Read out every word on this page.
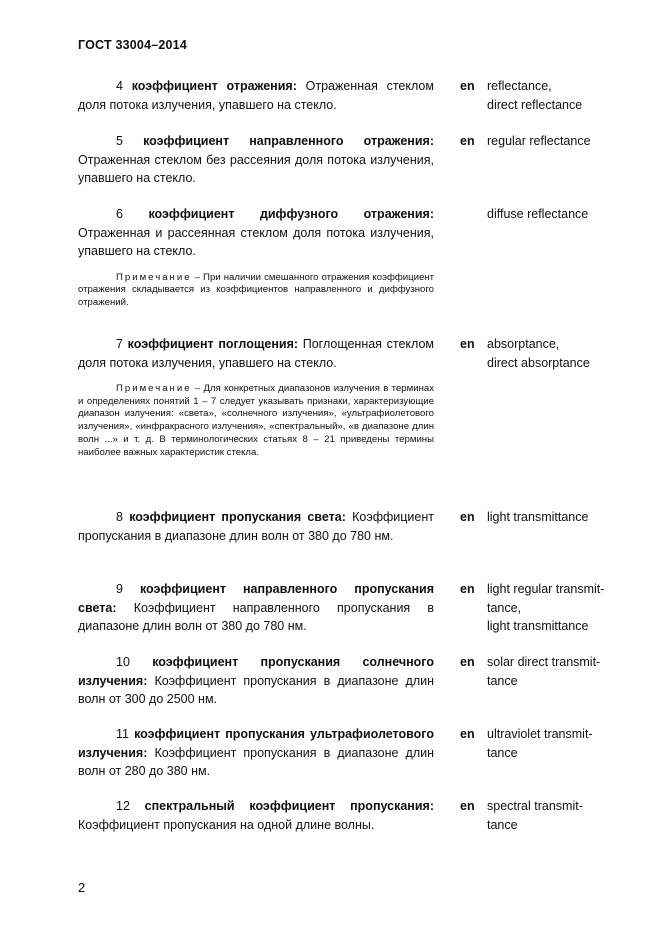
ГОСТ 33004–2014

4 коэффициент отражения: Отраженная стеклом доля потока излучения, упавшего на стекло.

en reflectance,
direct reflectance

5 коэффициент направленного отражения: Отраженная стеклом без рассеяния доля потока излучения, упавшего на стекло.

en regular reflectance

6 коэффициент диффузного отражения: Отраженная и рассеянная стеклом доля потока излучения, упавшего на стекло.

Примечание – При наличии смешанного отражения коэффициент отражения складывается из коэффициентов направленного и диффузного отражений.

diffuse reflectance

7 коэффициент поглощения: Поглощенная стеклом доля потока излучения, упавшего на стекло.

Примечание – Для конкретных диапазонов излучения в терминах и определениях понятий 1 – 7 следует указывать признаки, характеризующие диапазон излучения: «света», «солнечного излучения», «ультрафиолетового излучения», «инфракрасного излучения», «спектральный», «в диапазоне длин волн ...» и т. д. В терминологических статьях 8 – 21 приведены термины наиболее важных характеристик стекла.

en absorptance,
direct absorptance

8 коэффициент пропускания света: Коэффициент пропускания в диапазоне длин волн от 380 до 780 нм.

en light transmittance

9 коэффициент направленного пропускания света: Коэффициент направленного пропускания в диапазоне длин волн от 380 до 780 нм.

en light regular transmit-
tance,
light transmittance

10 коэффициент пропускания солнечного излучения: Коэффициент пропускания в диапазоне длин волн от 300 до 2500 нм.

en solar direct transmit-
tance

11 коэффициент пропускания ультрафиолетового излучения: Коэффициент пропускания в диапазоне длин волн от 280 до 380 нм.

en ultraviolet transmit-
tance

12 спектральный коэффициент пропускания: Коэффициент пропускания на одной длине волны.

en spectral transmit-
tance
2
